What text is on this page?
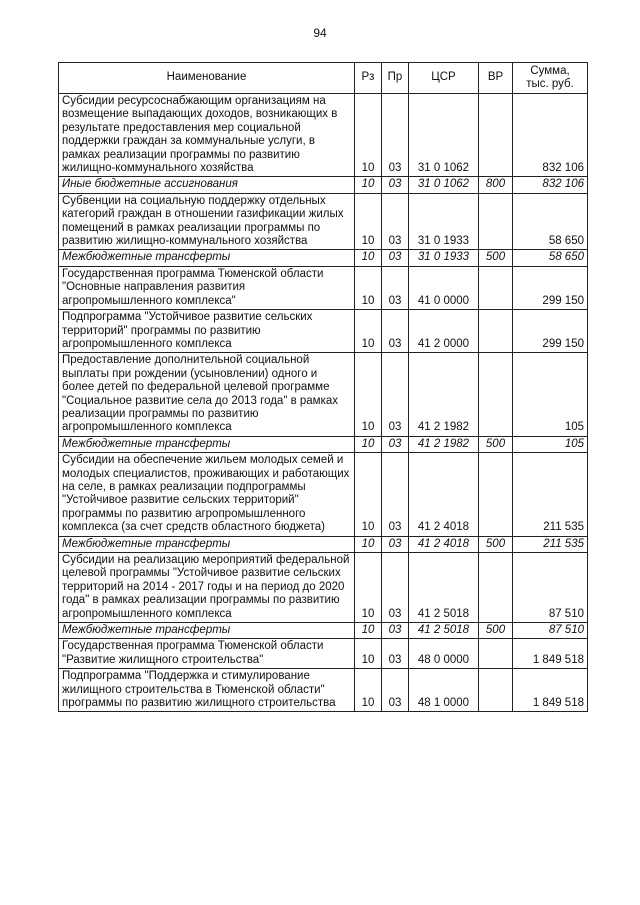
94
Наименование	Рз	Пр	ЦСР	ВР	Сумма,
тыс. руб.

Субсидии ресурсоснабжающим организациям на возмещение выпадающих доходов, возникающих в результате предоставления мер социальной поддержки граждан за коммунальные услуги, в рамках реализации программы по развитию жилищно-коммунального хозяйства	10	03	31 0 1062		832 106
Иные бюджетные ассигнования	10	03	31 0 1062	800	832 106
Субвенции на социальную поддержку отдельных категорий граждан в отношении газификации жилых помещений в рамках реализации программы по развитию жилищно-коммунального хозяйства	10	03	31 0 1933		58 650
Межбюджетные трансферты	10	03	31 0 1933	500	58 650
Государственная программа Тюменской области "Основные направления развития агропромышленного комплекса"	10	03	41 0 0000		299 150
Подпрограмма "Устойчивое развитие сельских территорий" программы по развитию агропромышленного комплекса	10	03	41 2 0000		299 150
Предоставление дополнительной социальной выплаты при рождении (усыновлении) одного и более детей по федеральной целевой программе "Социальное развитие села до 2013 года" в рамках реализации программы по развитию агропромышленного комплекса	10	03	41 2 1982		105
Межбюджетные трансферты	10	03	41 2 1982	500	105
Субсидии на обеспечение жильем молодых семей и молодых специалистов, проживающих и работающих на селе, в рамках реализации подпрограммы "Устойчивое развитие сельских территорий" программы по развитию агропромышленного комплекса (за счет средств областного бюджета)	10	03	41 2 4018		211 535
Межбюджетные трансферты	10	03	41 2 4018	500	211 535
Субсидии на реализацию мероприятий федеральной целевой программы "Устойчивое развитие сельских территорий на 2014 - 2017 годы и на период до 2020 года" в рамках реализации программы по развитию агропромышленного комплекса	10	03	41 2 5018		87 510
Межбюджетные трансферты	10	03	41 2 5018	500	87 510
Государственная программа Тюменской области "Развитие жилищного строительства"	10	03	48 0 0000		1 849 518
Подпрограмма "Поддержка и стимулирование жилищного строительства в Тюменской области" программы по развитию жилищного строительства	10	03	48 1 0000		1 849 518
